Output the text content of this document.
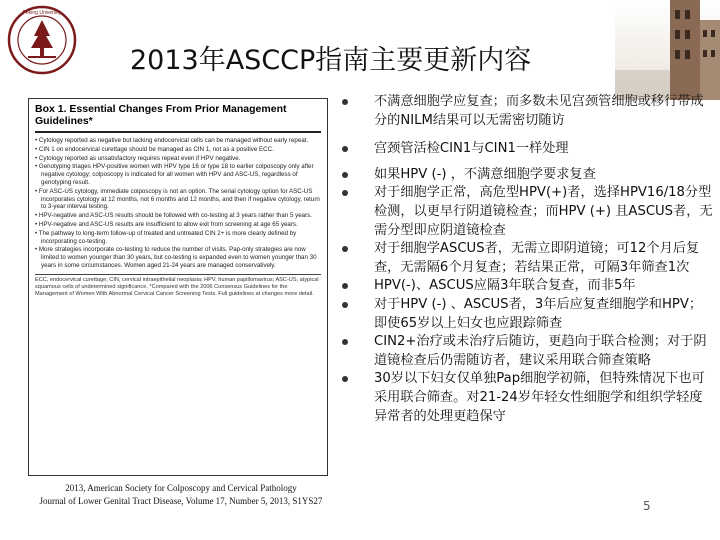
Peking University
2013年ASCCP指南主要更新内容
Box 1. Essential Changes From Prior Management Guidelines*
• Cytology reported as negative but lacking endocervical cells can be managed without early repeat.
• CIN 1 on endocervical curettage should be managed as CIN 1, not as a positive ECC.
• Cytology reported as unsatisfactory requires repeat even if HPV negative.
• Genotyping triages HPV-positive women with HPV type 16 or type 18 to earlier colposcopy only after negative cytology; colposcopy is indicated for all women with HPV and ASC-US, regardless of genotyping result.
• For ASC-US cytology, immediate colposcopy is not an option. The serial cytology option for ASC-US incorporates cytology at 12 months, not 6 months and 12 months, and then if negative cytology, return to 3-year interval testing.
• HPV-negative and ASC-US results should be followed with co-testing at 3 years rather than 5 years.
• HPV-negative and ASC-US results are insufficient to allow exit from screening at age 65 years.
• The pathway to long-term follow-up of treated and untreated CIN 2+ is more clearly defined by incorporating co-testing.
• More strategies incorporate co-testing to reduce the number of visits. Pap-only strategies are now limited to women younger than 30 years, but co-testing is expanded even to women younger than 30 years in some circumstances. Women aged 21-24 years are managed conservatively.
ECC, endocervical curettage; CIN, cervical intraepithelial neoplasia; HPV, human papillomavirus; ASC-US, atypical squamous cells of undetermined significance. *Compared with the 2006 Consensus Guidelines for the Management of Women With Abnormal Cervical Cancer Screening Tests. Full guidelines at changes more detail.
2013, American Society for Colposcopy and Cervical Pathology
Journal of Lower Genital Tract Disease, Volume 17, Number 5, 2013, S1YS27
不满意细胞学应复查；而多数未见宫颈管细胞或移行带成分的NILM结果可以无需密切随访
宫颈管活检CIN1与CIN1一样处理
如果HPV (-) ，不满意细胞学要求复查
对于细胞学正常，高危型HPV(+)者，选择HPV16/18分型检测，以更早行阴道镜检查；而HPV (+) 且ASCUS者，无需分型即应阴道镜检查
对于细胞学ASCUS者，无需立即阴道镜；可12个月后复查，无需隔6个月复查；若结果正常，可隔3年筛查1次
HPV(-)、ASCUS应隔3年联合复查，而非5年
对于HPV (-) 、ASCUS者，3年后应复查细胞学和HPV；即使65岁以上妇女也应跟踪筛查
CIN2+治疗或未治疗后随访，更趋向于联合检测；对于阴道镜检查后仍需随访者，建议采用联合筛查策略
30岁以下妇女仅单独Pap细胞学初筛，但特殊情况下也可采用联合筛查。对21-24岁年轻女性细胞学和组织学轻度异常者的处理更趋保守
5
